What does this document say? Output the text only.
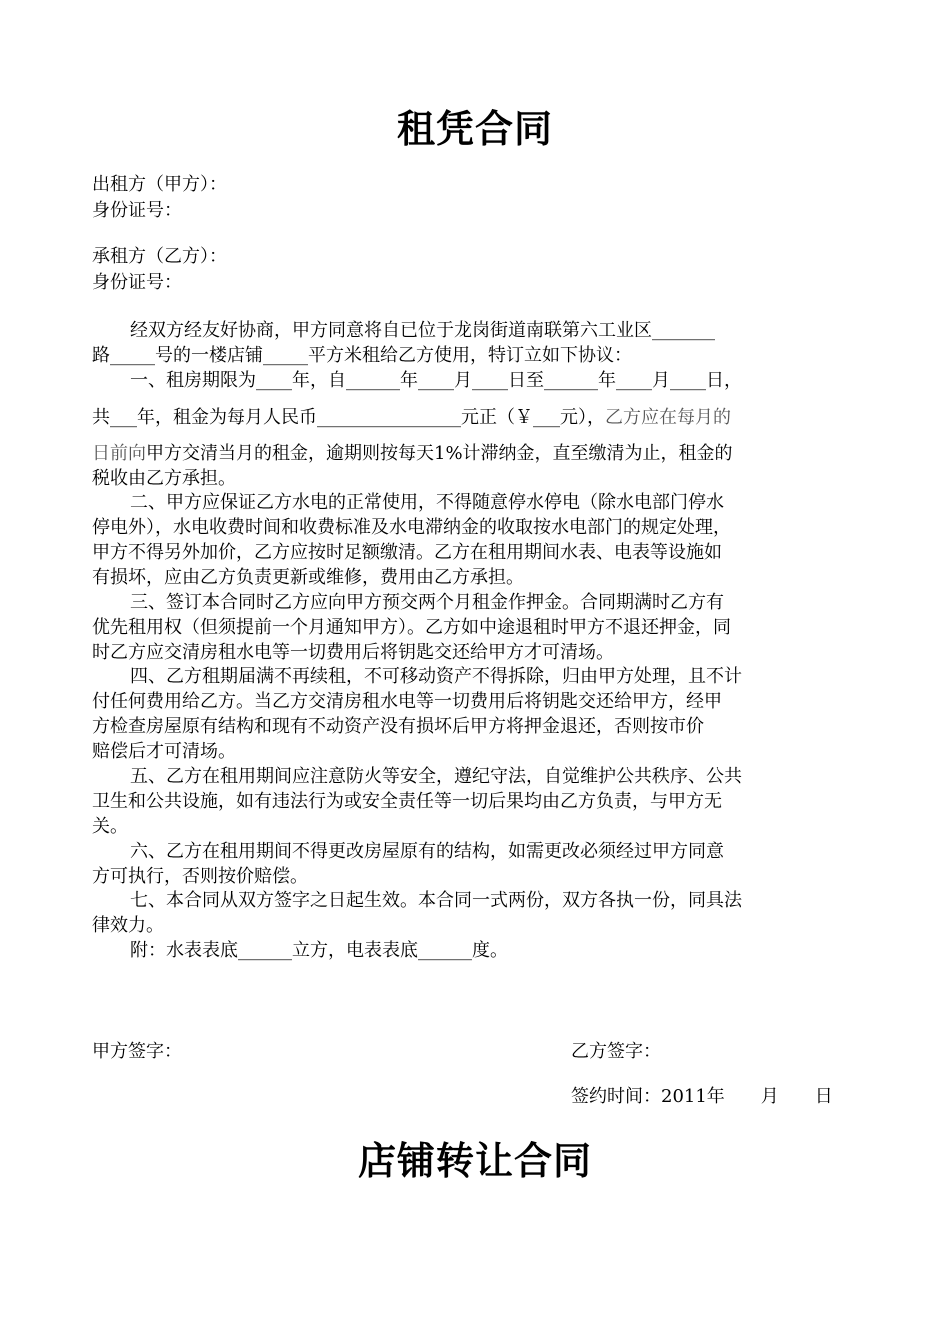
租凭合同
出租方（甲方）：
身份证号：
承租方（乙方）：
身份证号：
经双方经友好协商，甲方同意将自已位于龙岗街道南联第六工业区_______
路_____号的一楼店铺_____平方米租给乙方使用，特订立如下协议：
一、租房期限为____年，自______年____月____日至______年____月____日，
共___年，租金为每月人民币________________元正（￥___元），乙方应在每月的
日前向甲方交清当月的租金，逾期则按每天1%计滞纳金，直至缴清为止，租金的
税收由乙方承担。
二、甲方应保证乙方水电的正常使用，不得随意停水停电（除水电部门停水
停电外），水电收费时间和收费标准及水电滞纳金的收取按水电部门的规定处理，
甲方不得另外加价，乙方应按时足额缴清。乙方在租用期间水表、电表等设施如
有损坏，应由乙方负责更新或维修，费用由乙方承担。
三、签订本合同时乙方应向甲方预交两个月租金作押金。合同期满时乙方有
优先租用权（但须提前一个月通知甲方）。乙方如中途退租时甲方不退还押金，同
时乙方应交清房租水电等一切费用后将钥匙交还给甲方才可清场。
四、乙方租期届满不再续租，不可移动资产不得拆除，归由甲方处理，且不计
付任何费用给乙方。当乙方交清房租水电等一切费用后将钥匙交还给甲方，经甲
方检查房屋原有结构和现有不动资产没有损坏后甲方将押金退还，否则按市价
赔偿后才可清场。
五、乙方在租用期间应注意防火等安全，遵纪守法，自觉维护公共秩序、公共
卫生和公共设施，如有违法行为或安全责任等一切后果均由乙方负责，与甲方无
关。
六、乙方在租用期间不得更改房屋原有的结构，如需更改必须经过甲方同意
方可执行，否则按价赔偿。
七、本合同从双方签字之日起生效。本合同一式两份，双方各执一份，同具法
律效力。
附：水表表底______立方，电表表底______度。
甲方签字：	乙方签字：
签约时间：2011年　　月　　日
店铺转让合同
